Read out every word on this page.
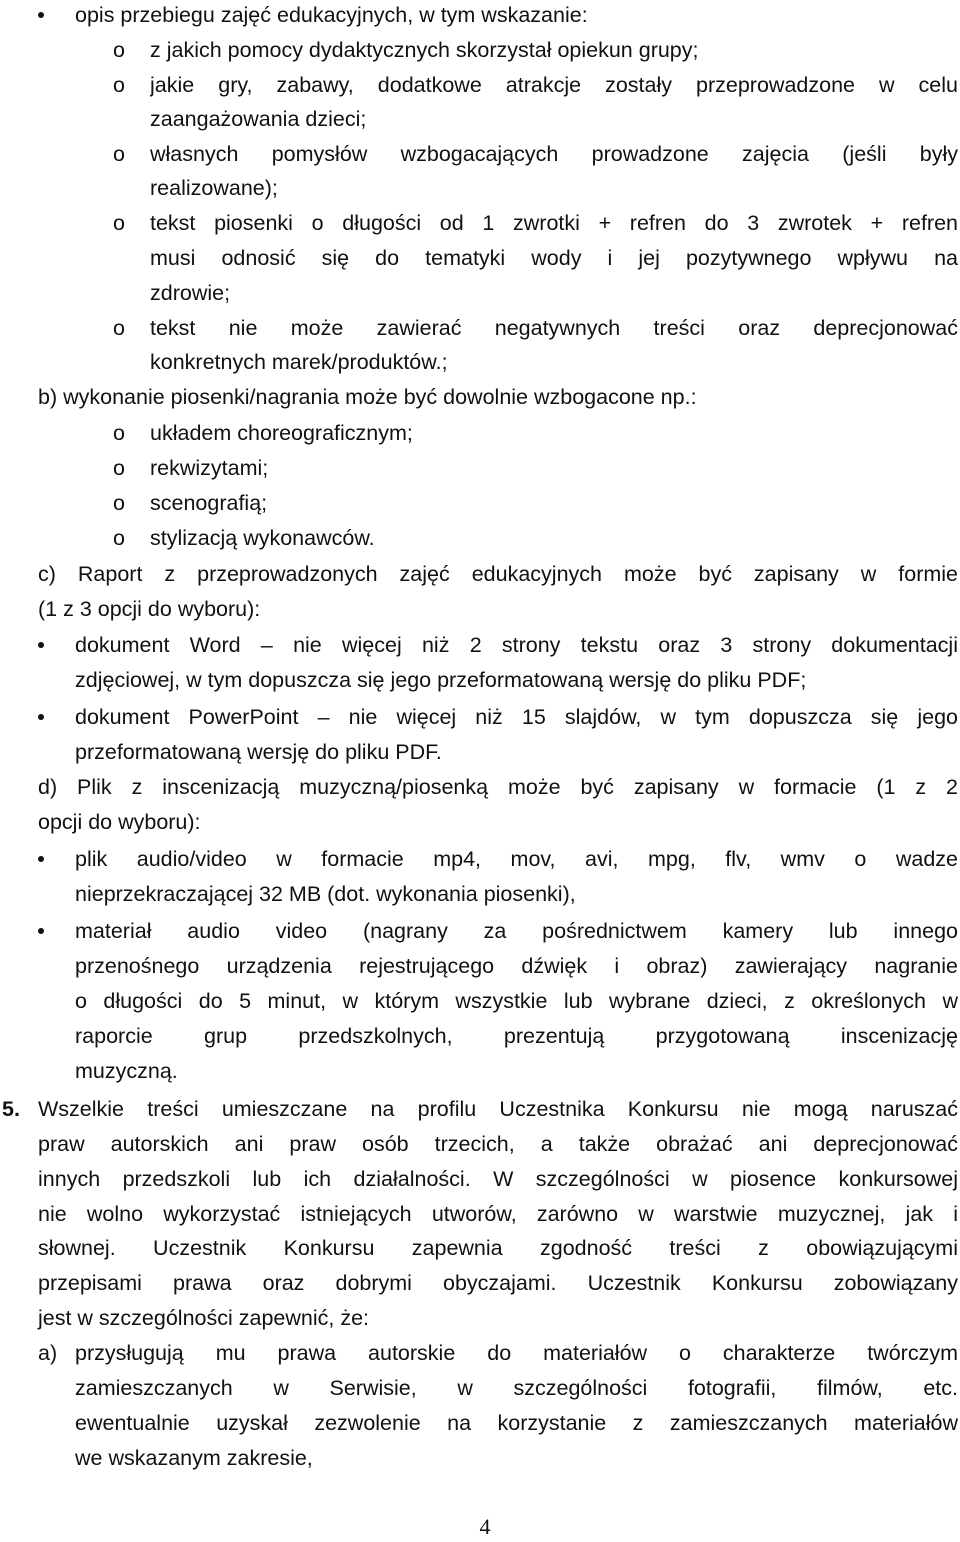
opis przebiegu zajęć edukacyjnych, w tym wskazanie:
o z jakich pomocy dydaktycznych skorzystał opiekun grupy;
o jakie gry, zabawy, dodatkowe atrakcje zostały przeprowadzone w celu
zaangażowania dzieci;
o własnych pomysłów wzbogacających prowadzone zajęcia (jeśli były
realizowane);
o tekst piosenki o długości od 1 zwrotki + refren do 3 zwrotek + refren
musi odnosić się do tematyki wody i jej pozytywnego wpływu na
zdrowie;
o tekst nie może zawierać negatywnych treści oraz deprecjonować
konkretnych marek/produktów.;
b) wykonanie piosenki/nagrania może być dowolnie wzbogacone np.:
o układem choreograficznym;
o rekwizytami;
o scenografią;
o stylizacją wykonawców.
c) Raport z przeprowadzonych zajęć edukacyjnych może być zapisany w formie
(1 z 3 opcji do wyboru):
dokument Word – nie więcej niż 2 strony tekstu oraz 3 strony dokumentacji
zdjęciowej, w tym dopuszcza się jego przeformatowaną wersję do pliku PDF;
dokument PowerPoint – nie więcej niż 15 slajdów, w tym dopuszcza się jego
przeformatowaną wersję do pliku PDF.
d) Plik z inscenizacją muzyczną/piosenką może być zapisany w formacie (1 z 2
opcji do wyboru):
plik audio/video w formacie mp4, mov, avi, mpg, flv, wmv o wadze
nieprzekraczającej 32 MB (dot. wykonania piosenki),
materiał audio video (nagrany za pośrednictwem kamery lub innego
przenośnego urządzenia rejestrującego dźwięk i obraz) zawierający nagranie
o długości do 5 minut, w którym wszystkie lub wybrane dzieci, z określonych w
raporcie grup przedszkolnych, prezentują przygotowaną inscenizację
muzyczną.
5. Wszelkie treści umieszczane na profilu Uczestnika Konkursu nie mogą naruszać
praw autorskich ani praw osób trzecich, a także obrażać ani deprecjonować
innych przedszkoli lub ich działalności. W szczególności w piosence konkursowej
nie wolno wykorzystać istniejących utworów, zarówno w warstwie muzycznej, jak i
słownej. Uczestnik Konkursu zapewnia zgodność treści z obowiązującymi
przepisami prawa oraz dobrymi obyczajami. Uczestnik Konkursu zobowiązany
jest w szczególności zapewnić, że:
a) przysługują mu prawa autorskie do materiałów o charakterze twórczym
zamieszczanych w Serwisie, w szczególności fotografii, filmów, etc.
ewentualnie uzyskał zezwolenie na korzystanie z zamieszczanych materiałów
we wskazanym zakresie,
4
